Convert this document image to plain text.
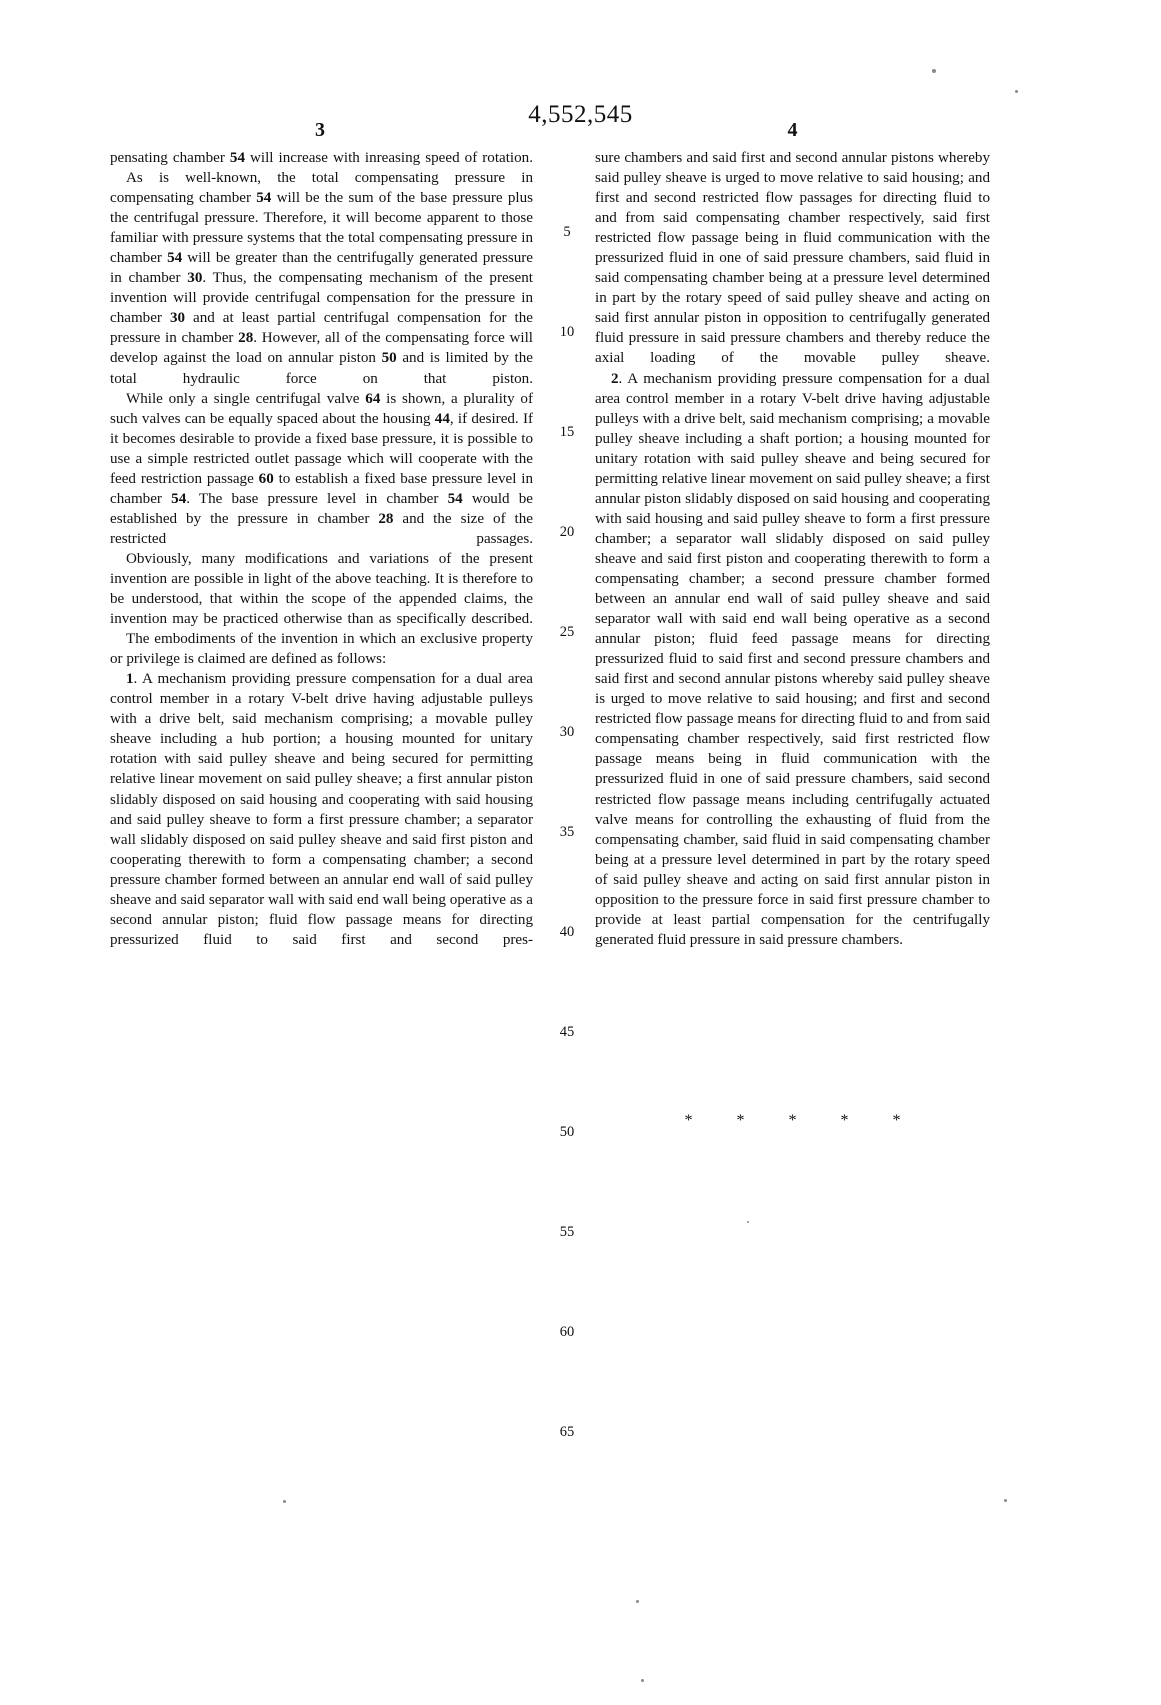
4,552,545
3	4

pensating chamber 54 will increase with inreasing speed of rotation.

As is well-known, the total compensating pressure in compensating chamber 54 will be the sum of the base pressure plus the centrifugal pressure. Therefore, it will become apparent to those familiar with pressure systems that the total compensating pressure in chamber 54 will be greater than the centrifugally generated pressure in chamber 30. Thus, the compensating mechanism of the present invention will provide centrifugal compensation for the pressure in chamber 30 and at least partial centrifugal compensation for the pressure in chamber 28. However, all of the compensating force will develop against the load on annular piston 50 and is limited by the total hydraulic force on that piston.

While only a single centrifugal valve 64 is shown, a plurality of such valves can be equally spaced about the housing 44, if desired. If it becomes desirable to provide a fixed base pressure, it is possible to use a simple restricted outlet passage which will cooperate with the feed restriction passage 60 to establish a fixed base pressure level in chamber 54. The base pressure level in chamber 54 would be established by the pressure in chamber 28 and the size of the restricted passages.

Obviously, many modifications and variations of the present invention are possible in light of the above teaching. It is therefore to be understood, that within the scope of the appended claims, the invention may be practiced otherwise than as specifically described.

The embodiments of the invention in which an exclusive property or privilege is claimed are defined as follows:

1. A mechanism providing pressure compensation for a dual area control member in a rotary V-belt drive having adjustable pulleys with a drive belt, said mechanism comprising; a movable pulley sheave including a hub portion; a housing mounted for unitary rotation with said pulley sheave and being secured for permitting relative linear movement on said pulley sheave; a first annular piston slidably disposed on said housing and cooperating with said housing and said pulley sheave to form a first pressure chamber; a separator wall slidably disposed on said pulley sheave and said first piston and cooperating therewith to form a compensating chamber; a second pressure chamber formed between an annular end wall of said pulley sheave and said separator wall with said end wall being operative as a second annular piston; fluid flow passage means for directing pressurized fluid to said first and second pres-

sure chambers and said first and second annular pistons whereby said pulley sheave is urged to move relative to said housing; and first and second restricted flow passages for directing fluid to and from said compensating chamber respectively, said first restricted flow passage being in fluid communication with the pressurized fluid in one of said pressure chambers, said fluid in said compensating chamber being at a pressure level determined in part by the rotary speed of said pulley sheave and acting on said first annular piston in opposition to centrifugally generated fluid pressure in said pressure chambers and thereby reduce the axial loading of the movable pulley sheave.

2. A mechanism providing pressure compensation for a dual area control member in a rotary V-belt drive having adjustable pulleys with a drive belt, said mechanism comprising; a movable pulley sheave including a shaft portion; a housing mounted for unitary rotation with said pulley sheave and being secured for permitting relative linear movement on said pulley sheave; a first annular piston slidably disposed on said housing and cooperating with said housing and said pulley sheave to form a first pressure chamber; a separator wall slidably disposed on said pulley sheave and said first piston and cooperating therewith to form a compensating chamber; a second pressure chamber formed between an annular end wall of said pulley sheave and said separator wall with said end wall being operative as a second annular piston; fluid feed passage means for directing pressurized fluid to said first and second pressure chambers and said first and second annular pistons whereby said pulley sheave is urged to move relative to said housing; and first and second restricted flow passage means for directing fluid to and from said compensating chamber respectively, said first restricted flow passage means being in fluid communication with the pressurized fluid in one of said pressure chambers, said second restricted flow passage means including centrifugally actuated valve means for controlling the exhausting of fluid from the compensating chamber, said fluid in said compensating chamber being at a pressure level determined in part by the rotary speed of said pulley sheave and acting on said first annular piston in opposition to the pressure force in said first pressure chamber to provide at least partial compensation for the centrifugally generated fluid pressure in said pressure chambers.

5
10
15
20
25
30
35
40
45
50
55
60
65
* * * * *
